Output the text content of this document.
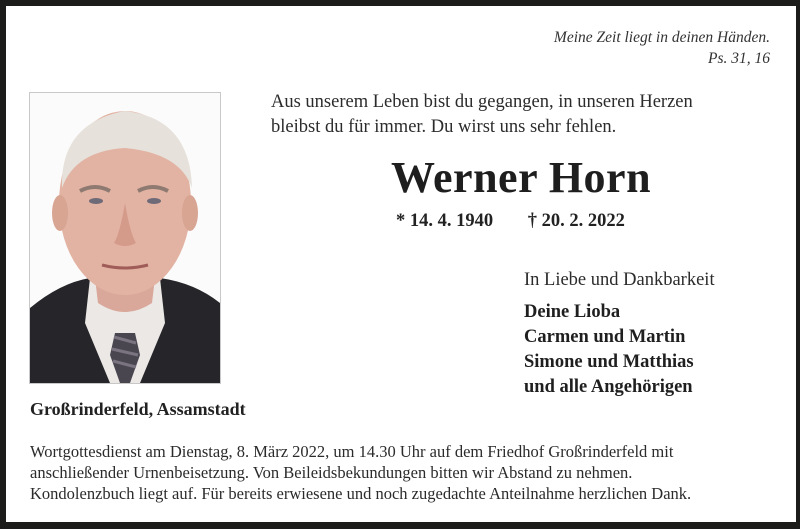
Meine Zeit liegt in deinen Händen.
Ps. 31, 16
Aus unserem Leben bist du gegangen, in unseren Herzen
bleibst du für immer. Du wirst uns sehr fehlen.
Werner Horn
* 14. 4. 1940 † 20. 2. 2022
In Liebe und Dankbarkeit
Deine Lioba
Carmen und Martin
Simone und Matthias
und alle Angehörigen
Großrinderfeld, Assamstadt
Wortgottesdienst am Dienstag, 8. März 2022, um 14.30 Uhr auf dem Friedhof Großrinderfeld mit
anschließender Urnenbeisetzung. Von Beileidsbekundungen bitten wir Abstand zu nehmen.
Kondolenzbuch liegt auf. Für bereits erwiesene und noch zugedachte Anteilnahme herzlichen Dank.
